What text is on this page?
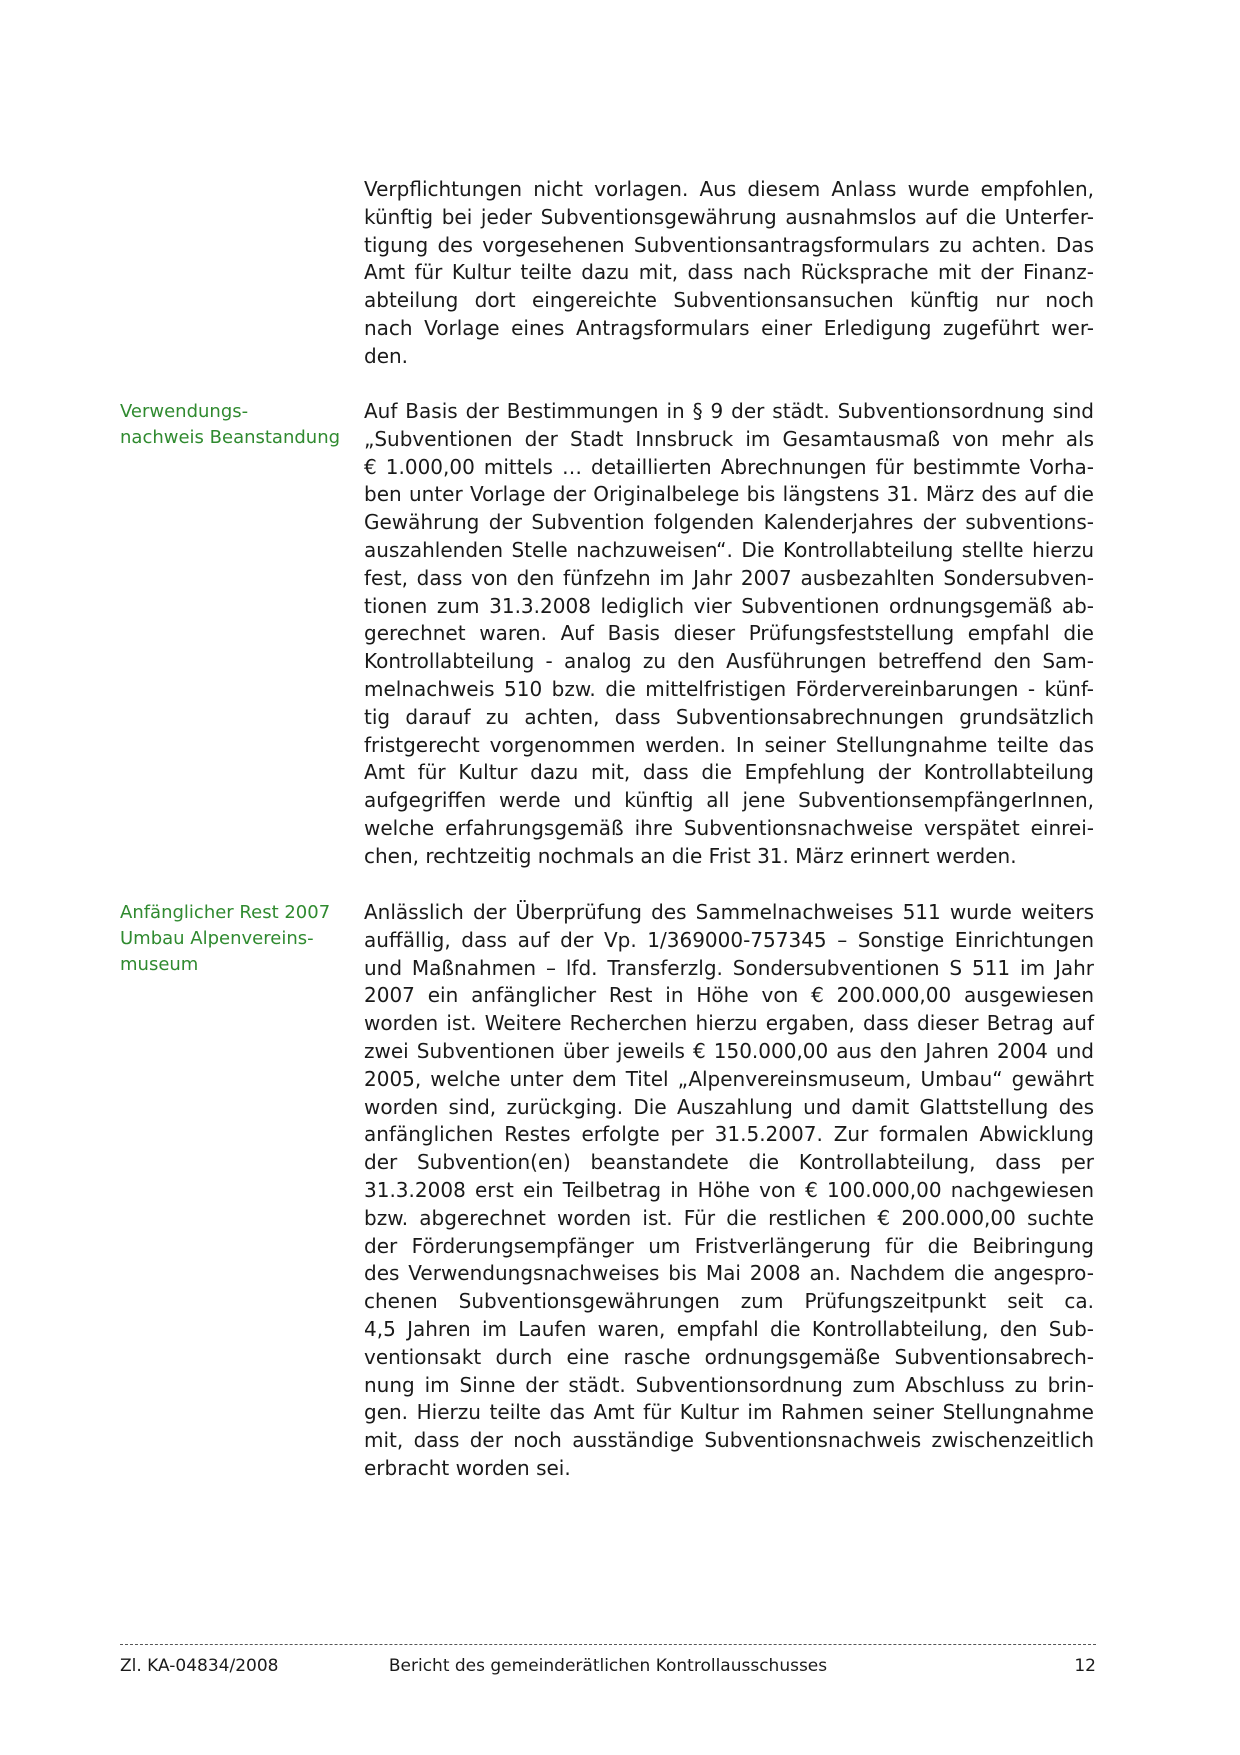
Verpflichtungen nicht vorlagen. Aus diesem Anlass wurde empfohlen,
künftig bei jeder Subventionsgewährung ausnahmslos auf die Unterfer-
tigung des vorgesehenen Subventionsantragsformulars zu achten. Das
Amt für Kultur teilte dazu mit, dass nach Rücksprache mit der Finanz-
abteilung dort eingereichte Subventionsansuchen künftig nur noch
nach Vorlage eines Antragsformulars einer Erledigung zugeführt wer-
den.
Verwendungs-
nachweis Beanstandung
Auf Basis der Bestimmungen in § 9 der städt. Subventionsordnung sind
„Subventionen der Stadt Innsbruck im Gesamtausmaß von mehr als
€ 1.000,00 mittels … detaillierten Abrechnungen für bestimmte Vorha-
ben unter Vorlage der Originalbelege bis längstens 31. März des auf die
Gewährung der Subvention folgenden Kalenderjahres der subventions-
auszahlenden Stelle nachzuweisen“. Die Kontrollabteilung stellte hierzu
fest, dass von den fünfzehn im Jahr 2007 ausbezahlten Sondersubven-
tionen zum 31.3.2008 lediglich vier Subventionen ordnungsgemäß ab-
gerechnet waren. Auf Basis dieser Prüfungsfeststellung empfahl die
Kontrollabteilung - analog zu den Ausführungen betreffend den Sam-
melnachweis 510 bzw. die mittelfristigen Fördervereinbarungen - künf-
tig darauf zu achten, dass Subventionsabrechnungen grundsätzlich
fristgerecht vorgenommen werden. In seiner Stellungnahme teilte das
Amt für Kultur dazu mit, dass die Empfehlung der Kontrollabteilung
aufgegriffen werde und künftig all jene SubventionsempfängerInnen,
welche erfahrungsgemäß ihre Subventionsnachweise verspätet einrei-
chen, rechtzeitig nochmals an die Frist 31. März erinnert werden.
Anfänglicher Rest 2007
Umbau Alpenvereins-
museum
Anlässlich der Überprüfung des Sammelnachweises 511 wurde weiters
auffällig, dass auf der Vp. 1/369000-757345 – Sonstige Einrichtungen
und Maßnahmen – lfd. Transferzlg. Sondersubventionen S 511 im Jahr
2007 ein anfänglicher Rest in Höhe von € 200.000,00 ausgewiesen
worden ist. Weitere Recherchen hierzu ergaben, dass dieser Betrag auf
zwei Subventionen über jeweils € 150.000,00 aus den Jahren 2004 und
2005, welche unter dem Titel „Alpenvereinsmuseum, Umbau“ gewährt
worden sind, zurückging. Die Auszahlung und damit Glattstellung des
anfänglichen Restes erfolgte per 31.5.2007. Zur formalen Abwicklung
der Subvention(en) beanstandete die Kontrollabteilung, dass per
31.3.2008 erst ein Teilbetrag in Höhe von € 100.000,00 nachgewiesen
bzw. abgerechnet worden ist. Für die restlichen € 200.000,00 suchte
der Förderungsempfänger um Fristverlängerung für die Beibringung
des Verwendungsnachweises bis Mai 2008 an. Nachdem die angespro-
chenen Subventionsgewährungen zum Prüfungszeitpunkt seit ca.
4,5 Jahren im Laufen waren, empfahl die Kontrollabteilung, den Sub-
ventionsakt durch eine rasche ordnungsgemäße Subventionsabrech-
nung im Sinne der städt. Subventionsordnung zum Abschluss zu brin-
gen. Hierzu teilte das Amt für Kultur im Rahmen seiner Stellungnahme
mit, dass der noch ausständige Subventionsnachweis zwischenzeitlich
erbracht worden sei.
Zl. KA-04834/2008	Bericht des gemeinderätlichen Kontrollausschusses	12
